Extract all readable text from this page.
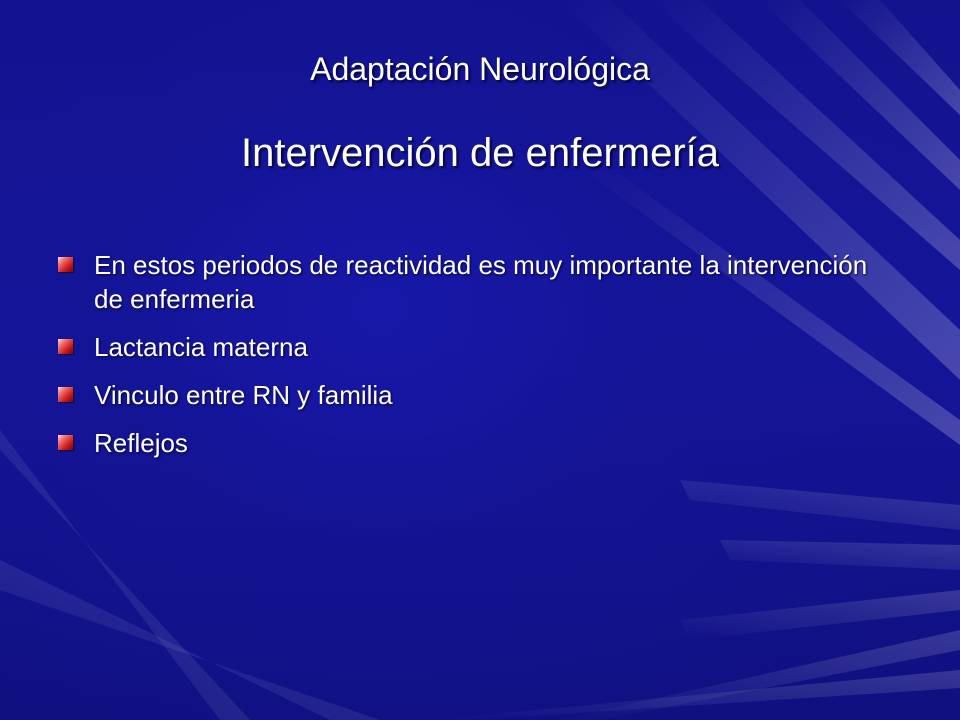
Adaptación Neurológica
Intervención de enfermería
En estos periodos de reactividad es muy importante la intervención de enfermeria
Lactancia materna
Vinculo entre RN y familia
Reflejos
